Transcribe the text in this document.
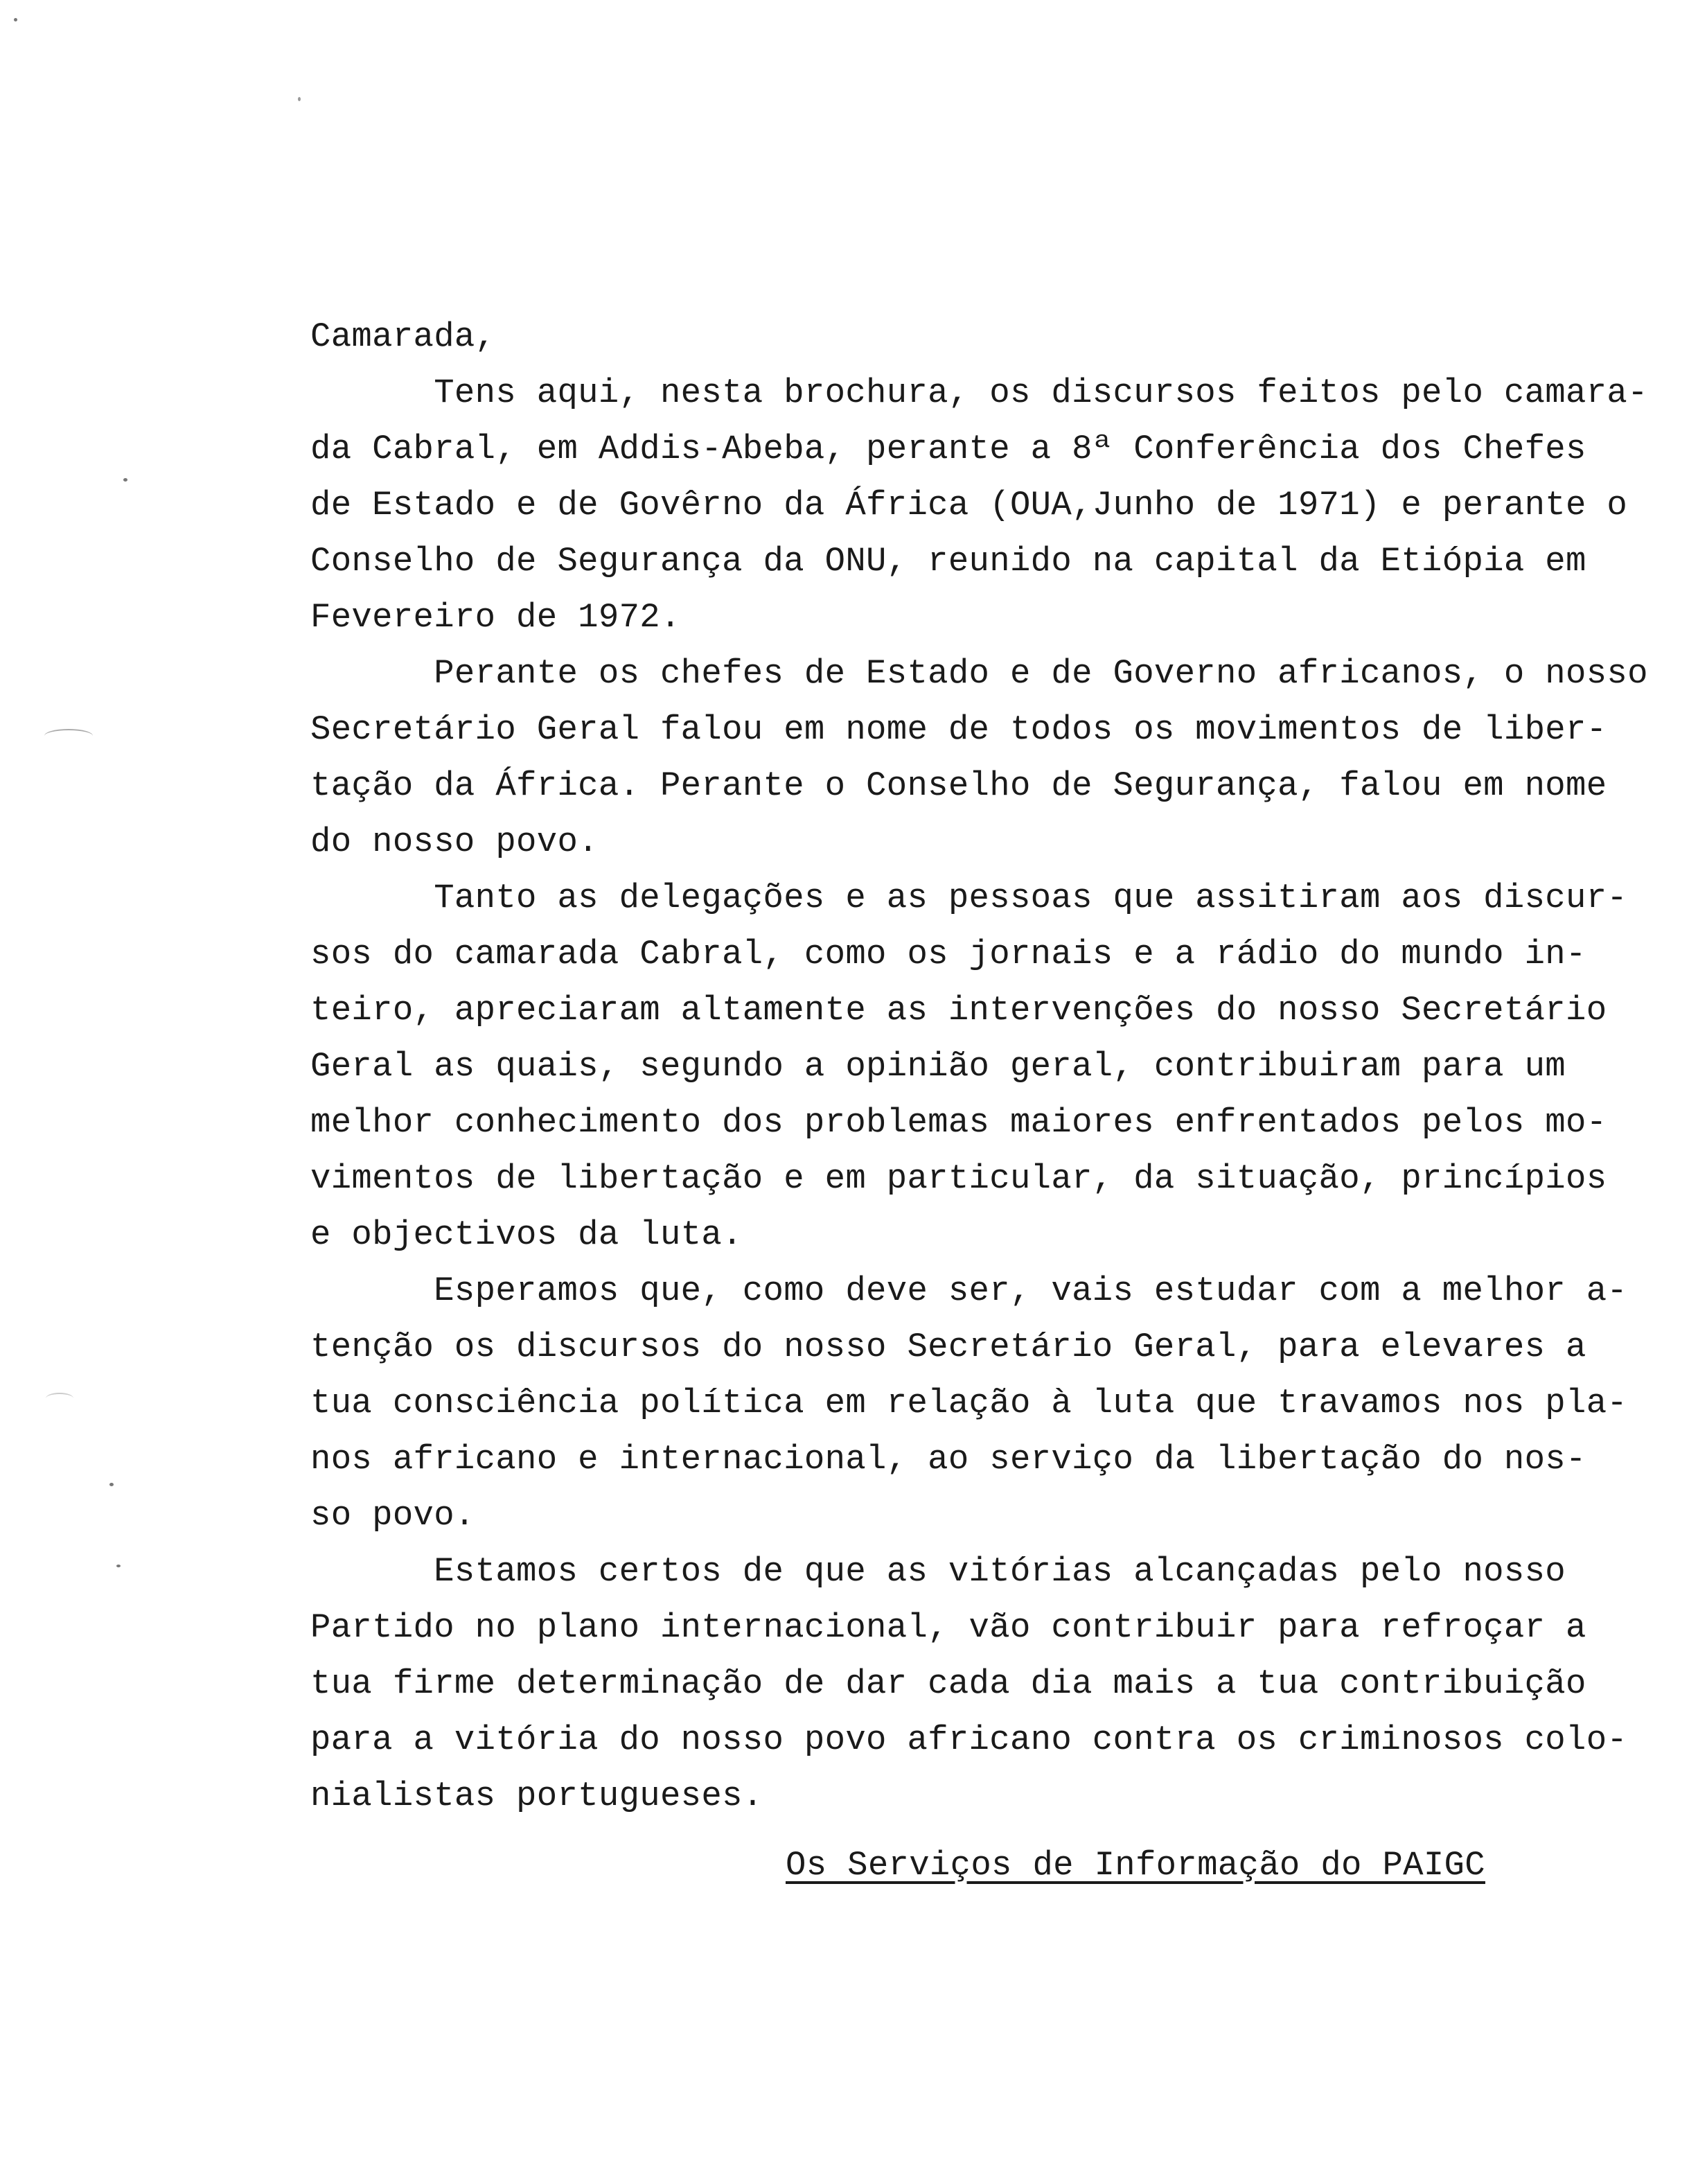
Camarada,
Tens aqui, nesta brochura, os discursos feitos pelo camara-
da Cabral, em Addis-Abeba, perante a 8ª Conferência dos Chefes
de Estado e de Govêrno da África (OUA,Junho de 1971) e perante o
Conselho de Segurança da ONU, reunido na capital da Etiópia em
Fevereiro de 1972.
Perante os chefes de Estado e de Governo africanos, o nosso
Secretário Geral falou em nome de todos os movimentos de liber-
tação da África. Perante o Conselho de Segurança, falou em nome
do nosso povo.
Tanto as delegações e as pessoas que assitiram aos discur-
sos do camarada Cabral, como os jornais e a rádio do mundo in-
teiro, apreciaram altamente as intervenções do nosso Secretário
Geral as quais, segundo a opinião geral, contribuiram para um
melhor conhecimento dos problemas maiores enfrentados pelos mo-
vimentos de libertação e em particular, da situação, princípios
e objectivos da luta.
Esperamos que, como deve ser, vais estudar com a melhor a-
tenção os discursos do nosso Secretário Geral, para elevares a
tua consciência política em relação à luta que travamos nos pla-
nos africano e internacional, ao serviço da libertação do nos-
so povo.
Estamos certos de que as vitórias alcançadas pelo nosso
Partido no plano internacional, vão contribuir para refroçar a
tua firme determinação de dar cada dia mais a tua contribuição
para a vitória do nosso povo africano contra os criminosos colo-
nialistas portugueses.
Os Serviços de Informação do PAIGC
